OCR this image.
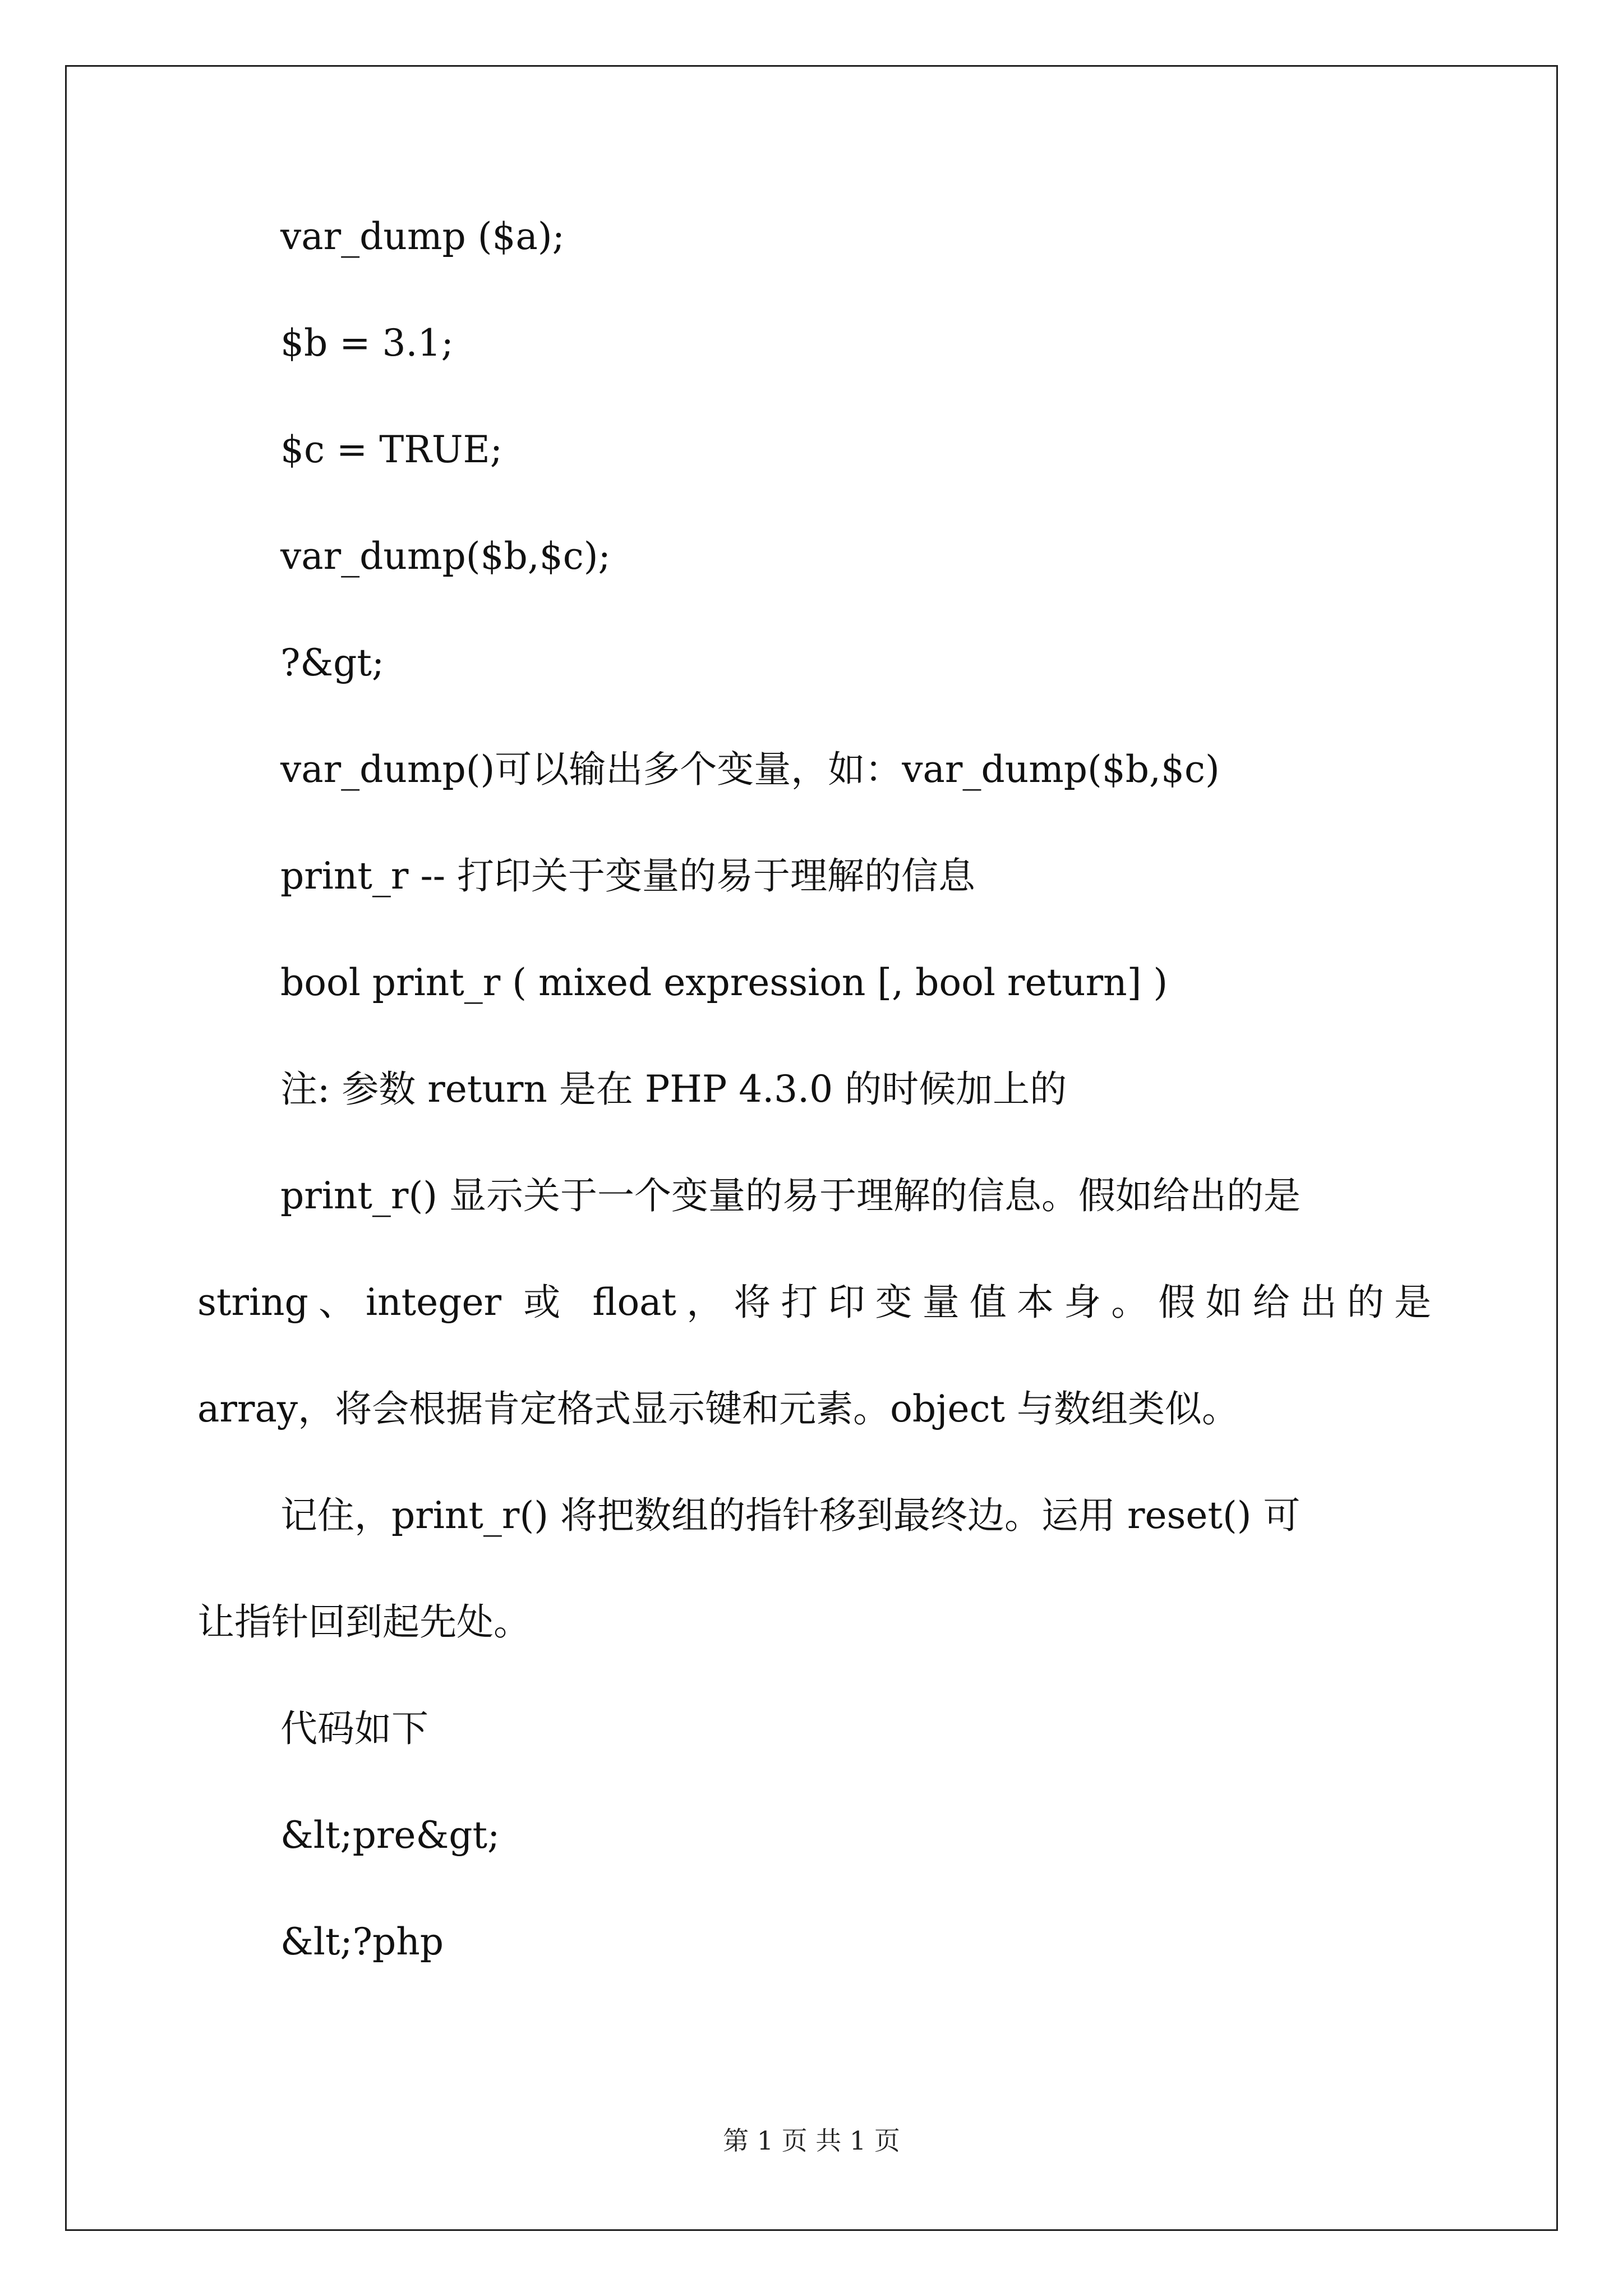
var_dump ($a);
$b = 3.1;
$c = TRUE;
var_dump($b,$c);
?&gt;
var_dump()可以输出多个变量，如：var_dump($b,$c)
print_r -- 打印关于变量的易于理解的信息
bool print_r ( mixed expression [, bool return] )
注: 参数 return 是在 PHP 4.3.0 的时候加上的
print_r() 显示关于一个变量的易于理解的信息。假如给出的是
string、integer 或 float，将打印变量值本身。假如给出的是
array，将会根据肯定格式显示键和元素。object 与数组类似。
记住，print_r() 将把数组的指针移到最终边。运用 reset() 可
让指针回到起先处。
代码如下
&lt;pre&gt;
&lt;?php
第 1 页 共 1 页
